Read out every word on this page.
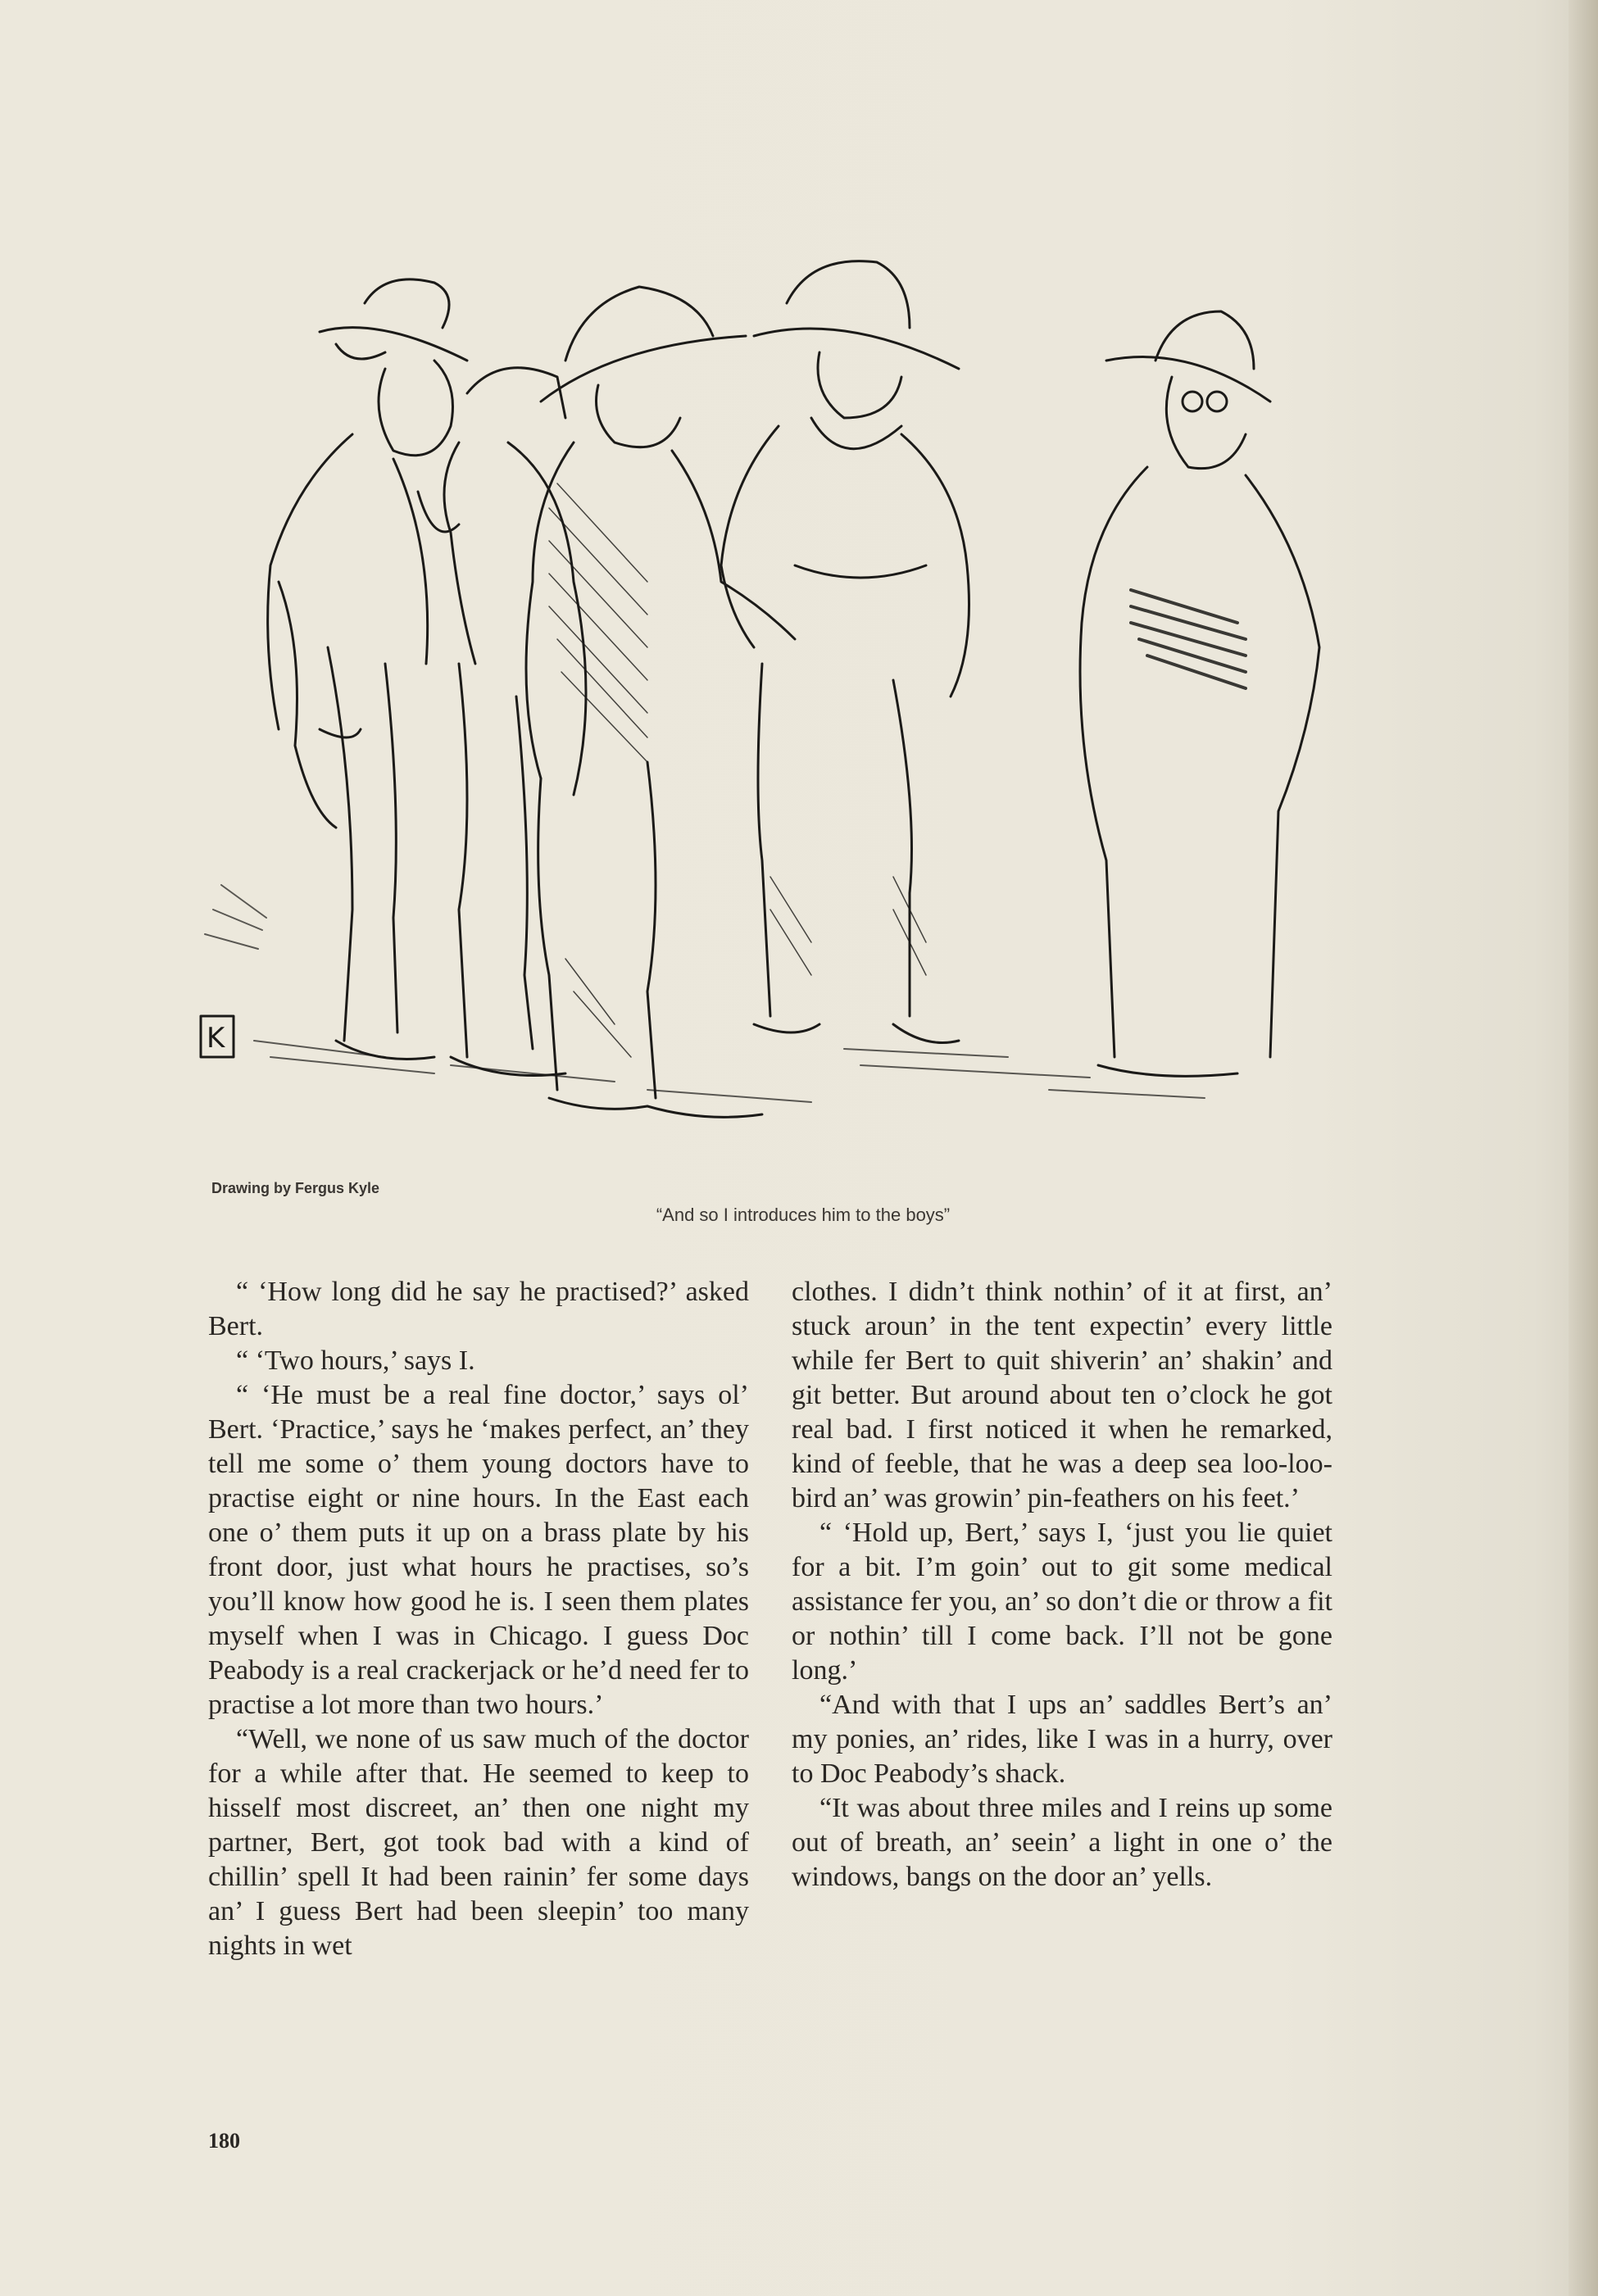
K
Drawing by Fergus Kyle
“And so I introduces him to the boys”

“ ‘How long did he say he practised?’ asked Bert.

“ ‘Two hours,’ says I.

“ ‘He must be a real fine doctor,’ says ol’ Bert. ‘Practice,’ says he ‘makes perfect, an’ they tell me some o’ them young doctors have to practise eight or nine hours. In the East each one o’ them puts it up on a brass plate by his front door, just what hours he practises, so’s you’ll know how good he is. I seen them plates myself when I was in Chicago. I guess Doc Peabody is a real crackerjack or he’d need fer to practise a lot more than two hours.’

“Well, we none of us saw much of the doctor for a while after that. He seemed to keep to hisself most discreet, an’ then one night my partner, Bert, got took bad with a kind of chillin’ spell It had been rainin’ fer some days an’ I guess Bert had been sleepin’ too many nights in wet

clothes. I didn’t think nothin’ of it at first, an’ stuck aroun’ in the tent expectin’ every little while fer Bert to quit shiverin’ an’ shakin’ and git better. But around about ten o’clock he got real bad. I first noticed it when he remarked, kind of feeble, that he was a deep sea loo-loo-bird an’ was growin’ pin-feathers on his feet.’

“ ‘Hold up, Bert,’ says I, ‘just you lie quiet for a bit. I’m goin’ out to git some medical assistance fer you, an’ so don’t die or throw a fit or nothin’ till I come back. I’ll not be gone long.’

“And with that I ups an’ saddles Bert’s an’ my ponies, an’ rides, like I was in a hurry, over to Doc Peabody’s shack.

“It was about three miles and I reins up some out of breath, an’ seein’ a light in one o’ the windows, bangs on the door an’ yells.

180
